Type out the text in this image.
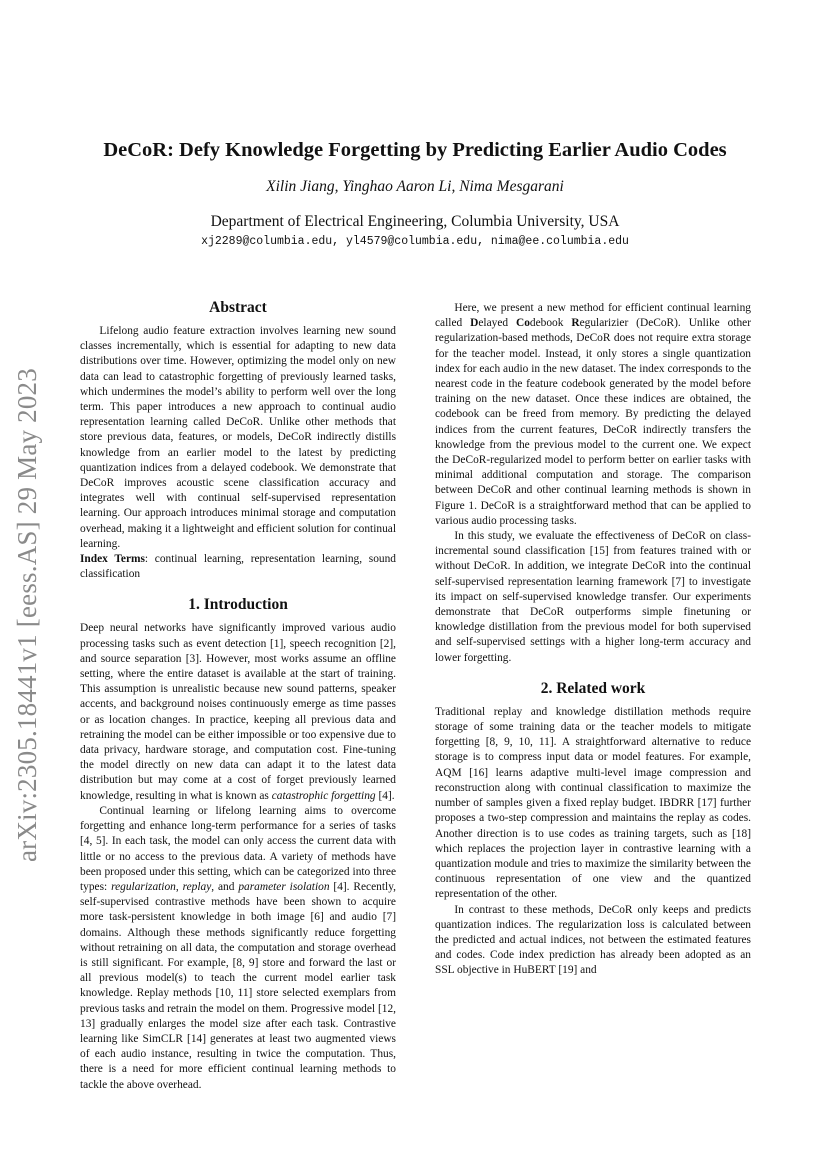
arXiv:2305.18441v1 [eess.AS] 29 May 2023
DeCoR: Defy Knowledge Forgetting by Predicting Earlier Audio Codes
Xilin Jiang, Yinghao Aaron Li, Nima Mesgarani
Department of Electrical Engineering, Columbia University, USA
xj2289@columbia.edu, yl4579@columbia.edu, nima@ee.columbia.edu
Abstract

Lifelong audio feature extraction involves learning new sound classes incrementally, which is essential for adapting to new data distributions over time. However, optimizing the model only on new data can lead to catastrophic forgetting of previously learned tasks, which undermines the model’s ability to perform well over the long term. This paper introduces a new approach to continual audio representation learning called DeCoR. Unlike other methods that store previous data, features, or models, DeCoR indirectly distills knowledge from an earlier model to the latest by predicting quantization indices from a delayed codebook. We demonstrate that DeCoR improves acoustic scene classification accuracy and integrates well with continual self-supervised representation learning. Our approach introduces minimal storage and computation overhead, making it a lightweight and efficient solution for continual learning.

Index Terms: continual learning, representation learning, sound classification

1. Introduction

Deep neural networks have significantly improved various audio processing tasks such as event detection [1], speech recognition [2], and source separation [3]. However, most works assume an offline setting, where the entire dataset is available at the start of training. This assumption is unrealistic because new sound patterns, speaker accents, and background noises continuously emerge as time passes or as location changes. In practice, keeping all previous data and retraining the model can be either impossible or too expensive due to data privacy, hardware storage, and computation cost. Fine-tuning the model directly on new data can adapt it to the latest data distribution but may come at a cost of forget previously learned knowledge, resulting in what is known as catastrophic forgetting [4].

Continual learning or lifelong learning aims to overcome forgetting and enhance long-term performance for a series of tasks [4, 5]. In each task, the model can only access the current data with little or no access to the previous data. A variety of methods have been proposed under this setting, which can be categorized into three types: regularization, replay, and parameter isolation [4]. Recently, self-supervised contrastive methods have been shown to acquire more task-persistent knowledge in both image [6] and audio [7] domains. Although these methods significantly reduce forgetting without retraining on all data, the computation and storage overhead is still significant. For example, [8, 9] store and forward the last or all previous model(s) to teach the current model earlier task knowledge. Replay methods [10, 11] store selected exemplars from previous tasks and retrain the model on them. Progressive model [12, 13] gradually enlarges the model size after each task. Contrastive learning like SimCLR [14] generates at least two augmented views of each audio instance, resulting in twice the computation. Thus, there is a need for more efficient continual learning methods to tackle the above overhead.

Here, we present a new method for efficient continual learning called Delayed Codebook Regularizier (DeCoR). Unlike other regularization-based methods, DeCoR does not require extra storage for the teacher model. Instead, it only stores a single quantization index for each audio in the new dataset. The index corresponds to the nearest code in the feature codebook generated by the model before training on the new dataset. Once these indices are obtained, the codebook can be freed from memory. By predicting the delayed indices from the current features, DeCoR indirectly transfers the knowledge from the previous model to the current one. We expect the DeCoR-regularized model to perform better on earlier tasks with minimal additional computation and storage. The comparison between DeCoR and other continual learning methods is shown in Figure 1. DeCoR is a straightforward method that can be applied to various audio processing tasks.

In this study, we evaluate the effectiveness of DeCoR on class-incremental sound classification [15] from features trained with or without DeCoR. In addition, we integrate DeCoR into the continual self-supervised representation learning framework [7] to investigate its impact on self-supervised knowledge transfer. Our experiments demonstrate that DeCoR outperforms simple finetuning or knowledge distillation from the previous model for both supervised and self-supervised settings with a higher long-term accuracy and lower forgetting.

2. Related work

Traditional replay and knowledge distillation methods require storage of some training data or the teacher models to mitigate forgetting [8, 9, 10, 11]. A straightforward alternative to reduce storage is to compress input data or model features. For example, AQM [16] learns adaptive multi-level image compression and reconstruction along with continual classification to maximize the number of samples given a fixed replay budget. IBDRR [17] further proposes a two-step compression and maintains the replay as codes. Another direction is to use codes as training targets, such as [18] which replaces the projection layer in contrastive learning with a quantization module and tries to maximize the similarity between the continuous representation of one view and the quantized representation of the other.

In contrast to these methods, DeCoR only keeps and predicts quantization indices. The regularization loss is calculated between the predicted and actual indices, not between the estimated features and codes. Code index prediction has already been adopted as an SSL objective in HuBERT [19] and
